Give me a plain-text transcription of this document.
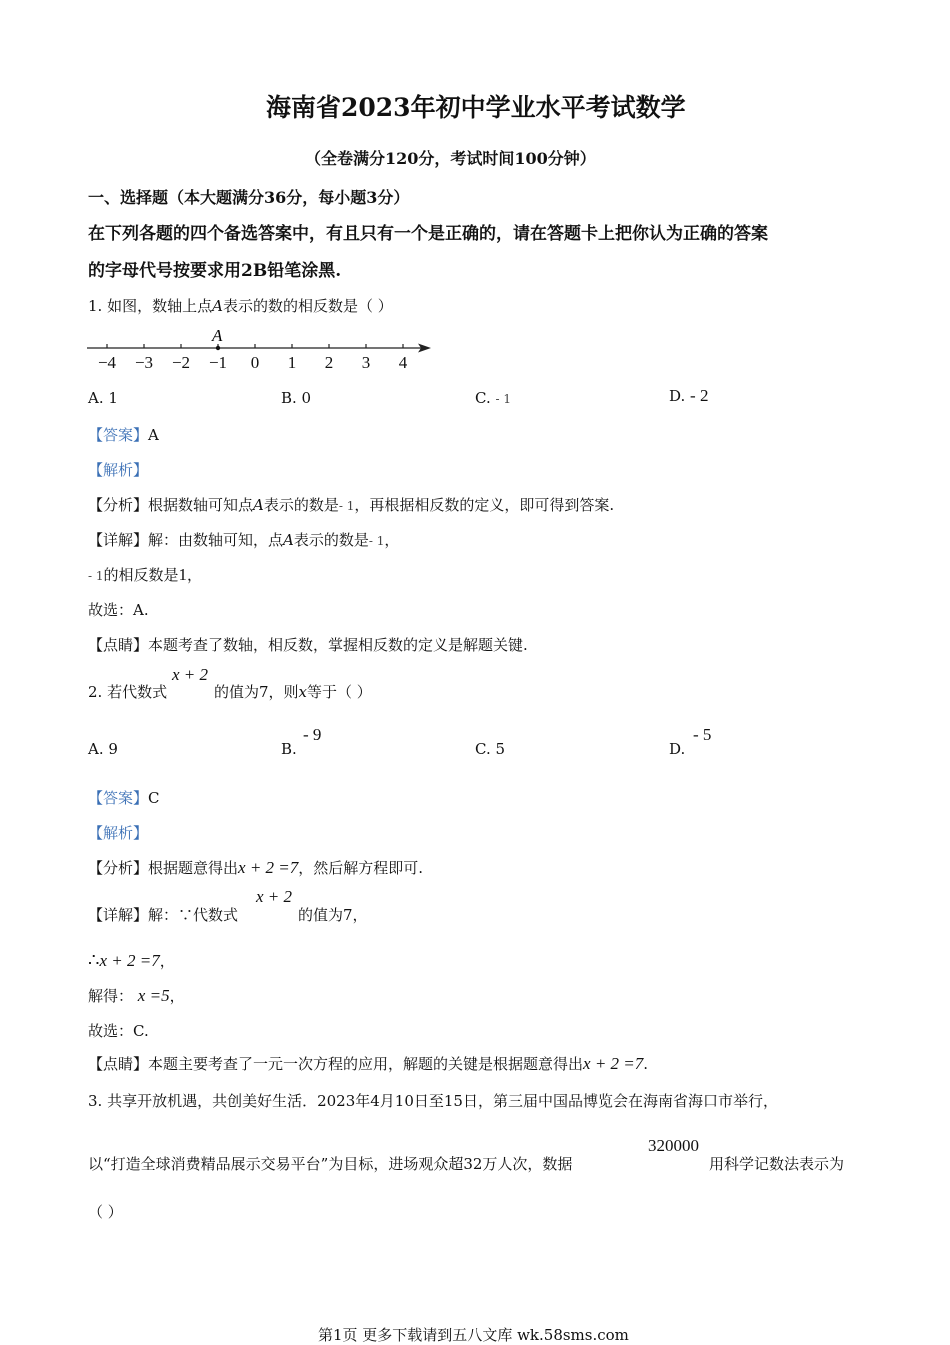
海南省2023年初中学业水平考试数学
（全卷满分120分，考试时间100分钟）
一、选择题（本大题满分36分，每小题3分）
在下列各题的四个备选答案中，有且只有一个是正确的，请在答题卡上把你认为正确的答案
的字母代号按要求用2B铅笔涂黑.
1. 如图，数轴上点A表示的数的相反数是（ ）
−4 −3 −2 −1 0 1 2 3 4
A
A. 1	B. 0	C. - 1	D. - 2
【答案】A
【解析】
【分析】根据数轴可知点A表示的数是- 1，再根据相反数的定义，即可得到答案.
【详解】解：由数轴可知，点A表示的数是- 1，
- 1的相反数是1，
故选：A.
【点睛】本题考查了数轴，相反数，掌握相反数的定义是解题关键.
2. 若代数式
x + 2
的值为7，则x等于（ ）
A. 9	B.
- 9
C. 5	D.
- 5
【答案】C
【解析】
【分析】根据题意得出x + 2 =7，然后解方程即可.
【详解】解：∵代数式
x + 2
的值为7，
∴x + 2 =7，
解得： x =5，
故选：C.
【点睛】本题主要考查了一元一次方程的应用，解题的关键是根据题意得出x + 2 =7.
3. 共享开放机遇，共创美好生活．2023年4月10日至15日，第三届中国品博览会在海南省海口市举行，
以“打造全球消费精品展示交易平台”为目标，进场观众超32万人次，数据
320000
用科学记数法表示为
（ ）
第1页 更多下载请到五八文库 wk.58sms.com
